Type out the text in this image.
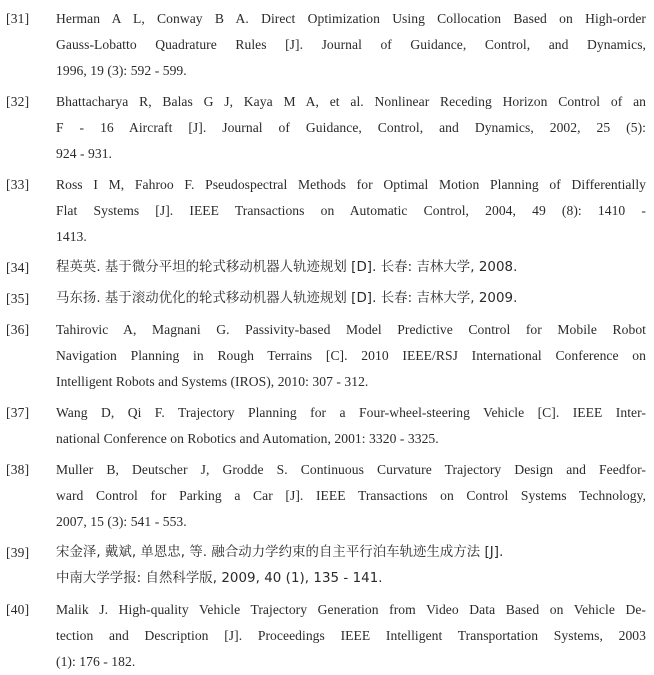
[31]	Herman A L, Conway B A. Direct Optimization Using Collocation Based on High-order
Gauss-Lobatto Quadrature Rules [J]. Journal of Guidance, Control, and Dynamics,
1996, 19 (3): 592 - 599.
[32]	Bhattacharya R, Balas G J, Kaya M A, et al. Nonlinear Receding Horizon Control of an
F - 16 Aircraft [J]. Journal of Guidance, Control, and Dynamics, 2002, 25 (5):
924 - 931.
[33]	Ross I M, Fahroo F. Pseudospectral Methods for Optimal Motion Planning of Differentially
Flat Systems [J]. IEEE Transactions on Automatic Control, 2004, 49 (8): 1410 -
1413.
[34]	程英英. 基于微分平坦的轮式移动机器人轨迹规划 [D]. 长春: 吉林大学, 2008.
[35]	马东扬. 基于滚动优化的轮式移动机器人轨迹规划 [D]. 长春: 吉林大学, 2009.
[36]	Tahirovic A, Magnani G. Passivity-based Model Predictive Control for Mobile Robot
Navigation Planning in Rough Terrains [C]. 2010 IEEE/RSJ International Conference on
Intelligent Robots and Systems (IROS), 2010: 307 - 312.
[37]	Wang D, Qi F. Trajectory Planning for a Four-wheel-steering Vehicle [C]. IEEE Inter-
national Conference on Robotics and Automation, 2001: 3320 - 3325.
[38]	Muller B, Deutscher J, Grodde S. Continuous Curvature Trajectory Design and Feedfor-
ward Control for Parking a Car [J]. IEEE Transactions on Control Systems Technology,
2007, 15 (3): 541 - 553.
[39]	宋金泽, 戴斌, 单恩忠, 等. 融合动力学约束的自主平行泊车轨迹生成方法 [J].
中南大学学报: 自然科学版, 2009, 40 (1), 135 - 141.
[40]	Malik J. High-quality Vehicle Trajectory Generation from Video Data Based on Vehicle De-
tection and Description [J]. Proceedings IEEE Intelligent Transportation Systems, 2003
(1): 176 - 182.
